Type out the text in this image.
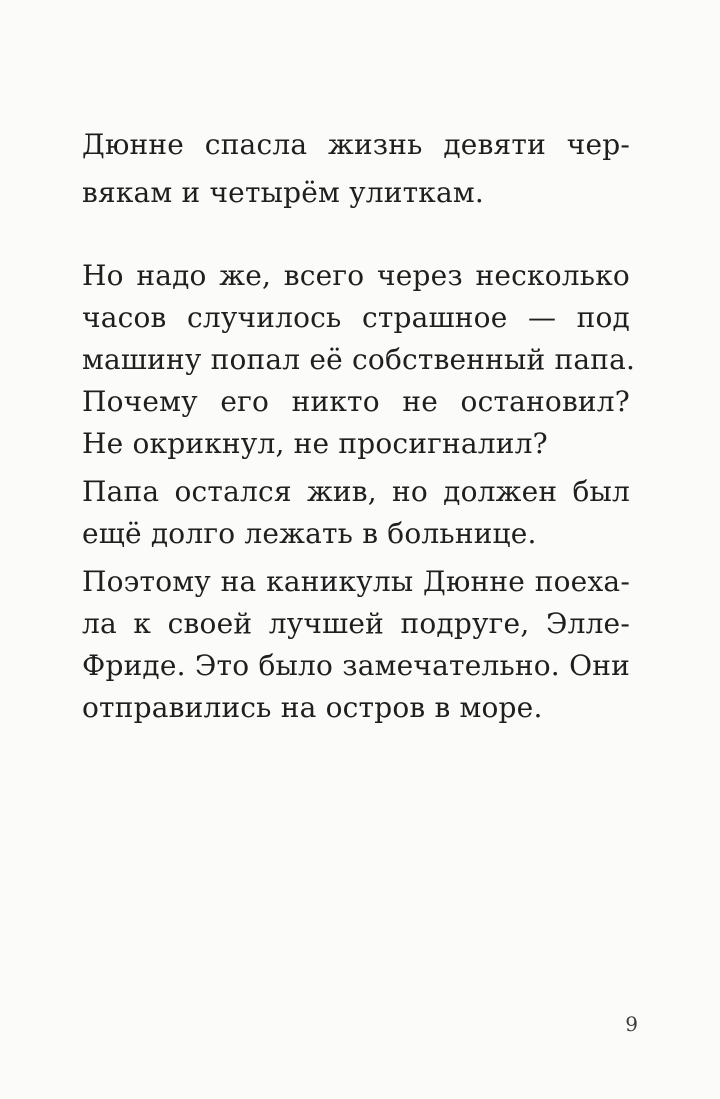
Дюнне спасла жизнь девяти чер-
вякам и четырём улиткам.
Но надо же, всего через несколько
часов случилось страшное — под
машину попал её собственный папа.
Почему его никто не остановил?
Не окрикнул, не просигналил?
Папа остался жив, но должен был
ещё долго лежать в больнице.
Поэтому на каникулы Дюнне поеха-
ла к своей лучшей подруге, Элле-
Фриде. Это было замечательно. Они
отправились на остров в море.
9
